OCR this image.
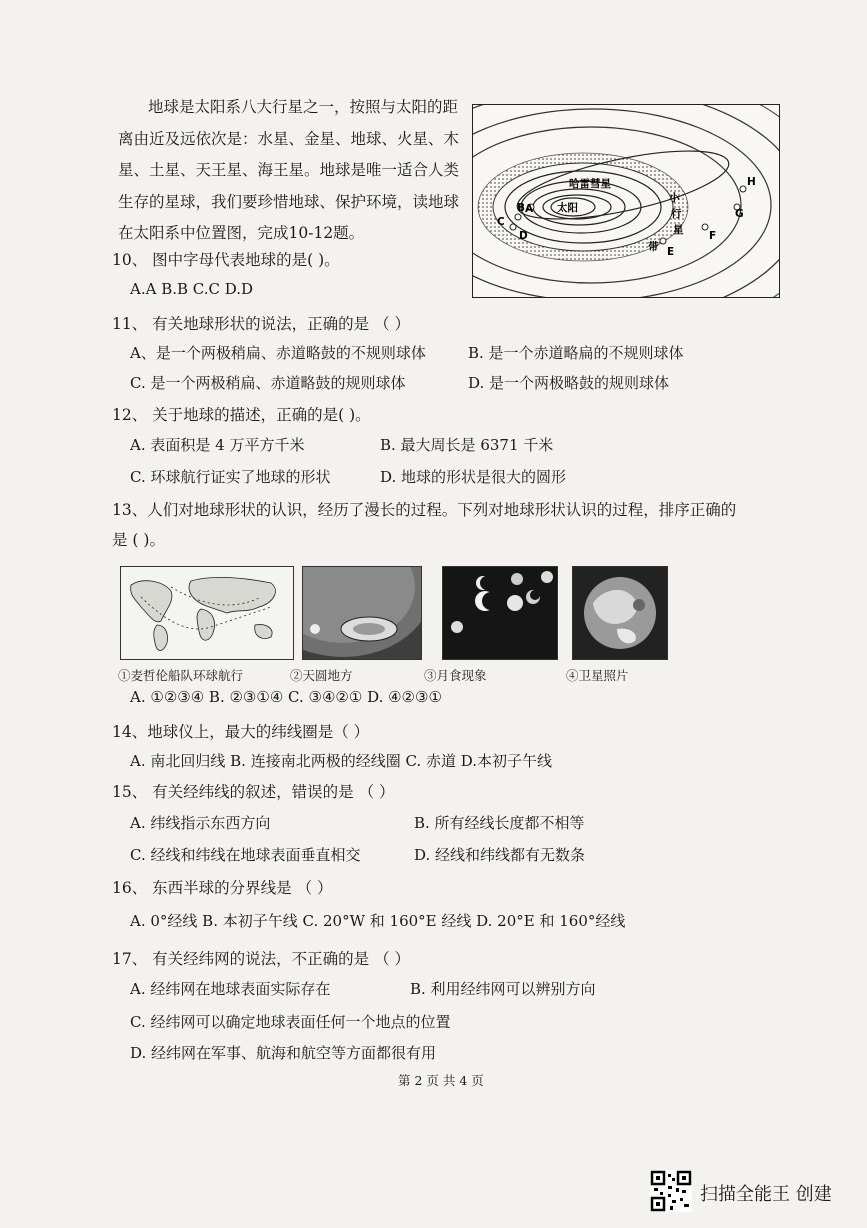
地球是太阳系八大行星之一，按照与太阳的距离由近及远依次是：水星、金星、地球、火星、木星、土星、天王星、海王星。地球是唯一适合人类生存的星球，我们要珍惜地球、保护环境，读地球在太阳系中位置图，完成10-12题。
太阳
哈雷彗星
小
行
星
带
A
B
C
D
E
F
G
H
10、 图中字母代表地球的是( )。
A.A B.B C.C D.D
11、 有关地球形状的说法，正确的是 （ ）
A、是一个两极稍扁、赤道略鼓的不规则球体	B. 是一个赤道略扁的不规则球体
C. 是一个两极稍扁、赤道略鼓的规则球体	D. 是一个两极略鼓的规则球体
12、 关于地球的描述，正确的是( )。
A. 表面积是 4 万平方千米	B. 最大周长是 6371 千米
C. 环球航行证实了地球的形状	D. 地球的形状是很大的圆形
13、人们对地球形状的认识，经历了漫长的过程。下列对地球形状认识的过程，排序正确的
是 ( )。
①麦哲伦船队环球航行	②天圆地方	③月食现象	④卫星照片
A. ①②③④ B. ②③①④ C. ③④②① D. ④②③①
14、地球仪上，最大的纬线圈是（ ）
A. 南北回归线 B. 连接南北两极的经线圈 C. 赤道 D.本初子午线
15、 有关经纬线的叙述，错误的是 （ ）
A. 纬线指示东西方向	B. 所有经线长度都不相等
C. 经线和纬线在地球表面垂直相交	D. 经线和纬线都有无数条
16、 东西半球的分界线是 （ ）
A. 0°经线 B. 本初子午线 C. 20°W 和 160°E 经线 D. 20°E 和 160°经线
17、 有关经纬网的说法，不正确的是 （ ）
A. 经纬网在地球表面实际存在	B. 利用经纬网可以辨别方向
C. 经纬网可以确定地球表面任何一个地点的位置
D. 经纬网在军事、航海和航空等方面都很有用
第 2 页 共 4 页
扫描全能王 创建
